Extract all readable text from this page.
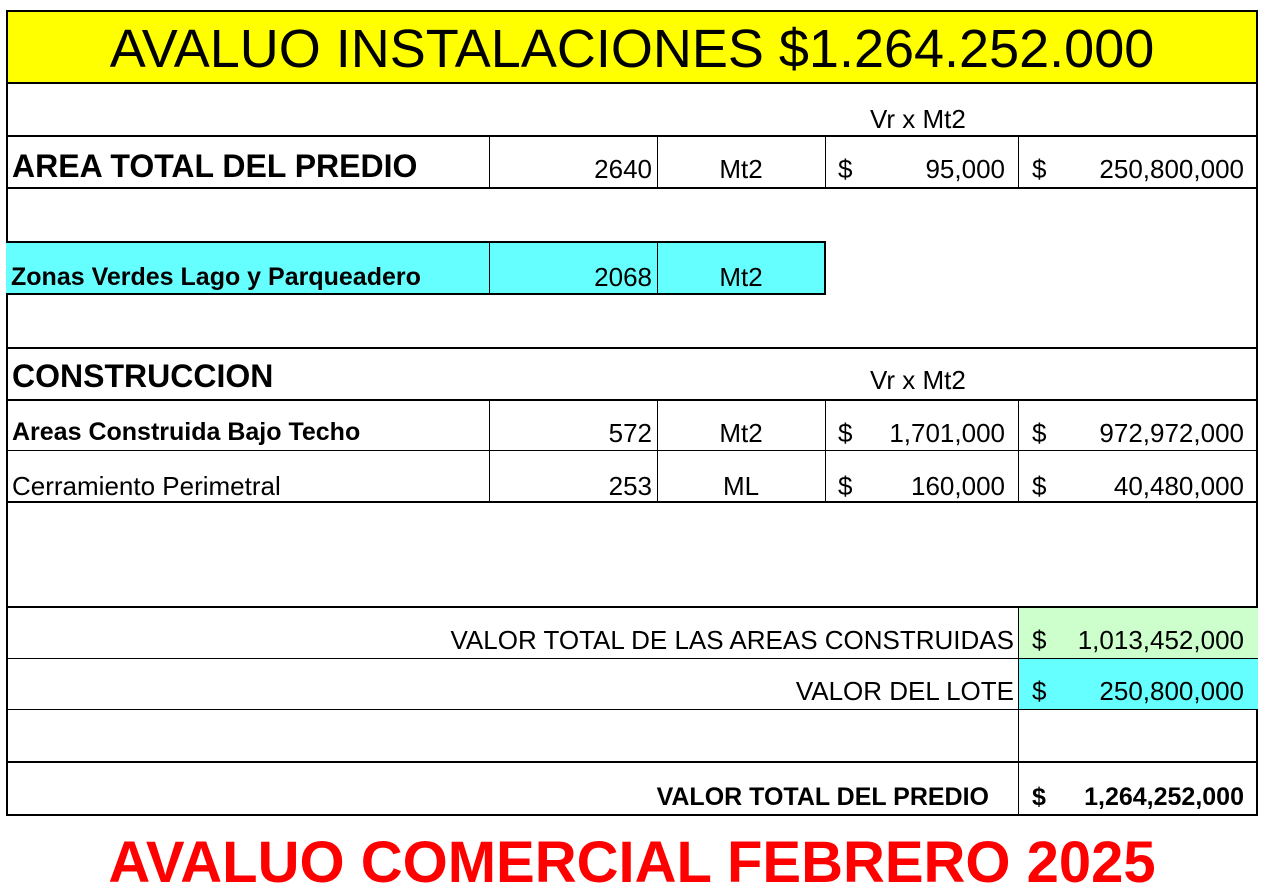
AVALUO INSTALACIONES $1.264.252.000
Vr x Mt2
AREA TOTAL DEL PREDIO	2640	Mt2	$	95,000 $ 250,800,000
Zonas Verdes Lago y Parqueadero	2068	Mt2
CONSTRUCCION	Vr x Mt2
Areas Construida Bajo Techo	572	Mt2	$ 1,701,000 $ 972,972,000
Cerramiento Perimetral	253	ML	$ 160,000 $	40,480,000
VALOR TOTAL DE LAS AREAS CONSTRUIDAS $ 1,013,452,000
VALOR DEL LOTE $ 250,800,000
VALOR TOTAL DEL PREDIO $ 1,264,252,000
AVALUO COMERCIAL FEBRERO 2025
